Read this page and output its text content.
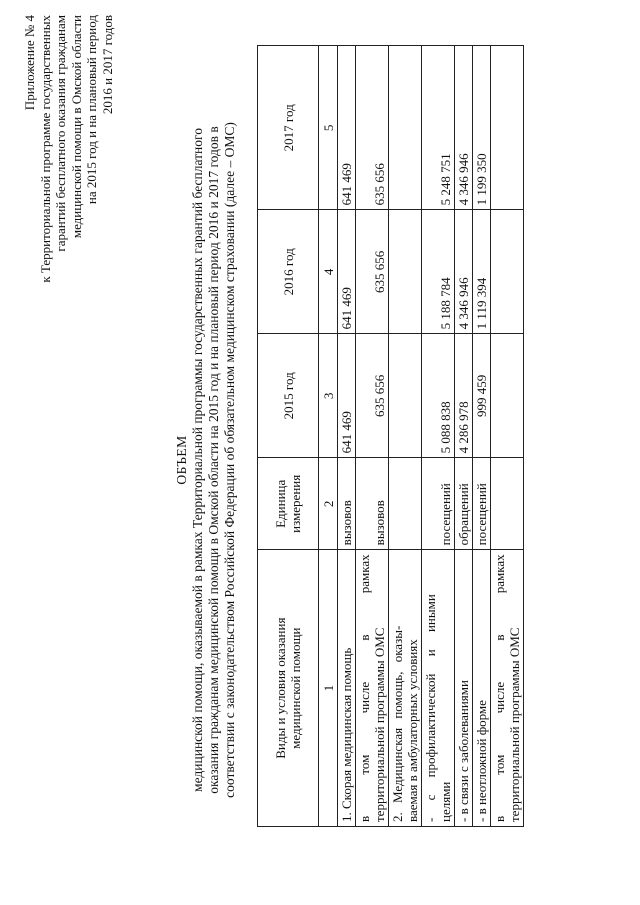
Приложение № 4 к Территориальной программе государственных гарантий бесплатного оказания гражданам медицинской помощи в Омской области на 2015 год и на плановый период 2016 и 2017 годов
ОБЪЕМ медицинской помощи, оказываемой в рамках Территориальной программы государственных гарантий бесплатного оказания гражданам медицинской помощи в Омской области на 2015 год и на плановый период 2016 и 2017 годов в соответствии с законодательством Российской Федерации об обязательном медицинском страховании (далее – ОМС)	Виды и условия оказания медицинской помощи	Единица измерения	2015 год	2016 год	2017 год
1	2	3	4	5
1. Скорая медицинская помощь	вызовов	641 469	641 469	641 469

в том числе в рамках территориальной программы ОМС	вызовов	635 656	635 656	635 656

2. Медицинская помощь, оказы- ваемая в амбулаторных условиях				

- с профилактической и иными целями	посещений	5 088 838	5 188 784	5 248 751
- в связи с заболеваниями	обращений	4 286 978	4 346 946	4 346 946
- в неотложной форме	посещений	999 459	1 119 394	1 199 350

в том числе в рамках территориальной программы ОМС				
